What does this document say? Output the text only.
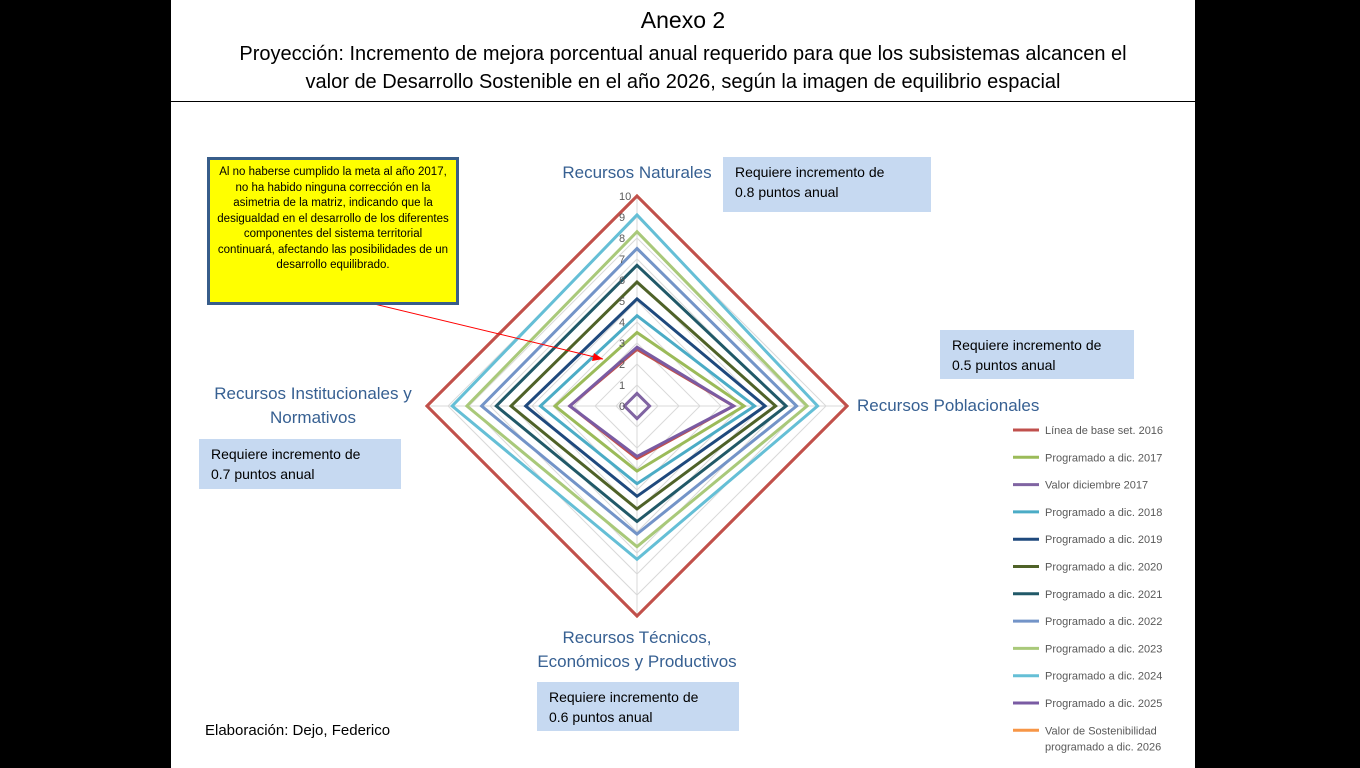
Anexo 2
Proyección: Incremento de mejora porcentual anual requerido para que los subsistemas alcancen el
valor de Desarrollo Sostenible en el año 2026, según la imagen de equilibrio espacial
0
1
2
3
4
5
6
7
8
9
10
Línea de base set. 2016
Programado a dic. 2017
Valor diciembre 2017
Programado a dic. 2018
Programado a dic. 2019
Programado a dic. 2020
Programado a dic. 2021
Programado a dic. 2022
Programado a dic. 2023
Programado a dic. 2024
Programado a dic. 2025
Valor de Sostenibilidad
programado a dic. 2026
Recursos Naturales
Recursos Poblacionales
Recursos Técnicos,
Económicos y Productivos
Recursos Institucionales y
Normativos
Al no haberse cumplido la meta al año 2017, no ha habido ninguna corrección en la asimetria de la matriz, indicando que la desigualdad en el desarrollo de los diferentes componentes del sistema territorial continuará, afectando las posibilidades de un desarrollo equilibrado.
Requiere incremento de
0.8 puntos anual
Requiere incremento de
0.5 puntos anual
Requiere incremento de
0.7 puntos anual
Requiere incremento de
0.6 puntos anual
Elaboración: Dejo, Federico
